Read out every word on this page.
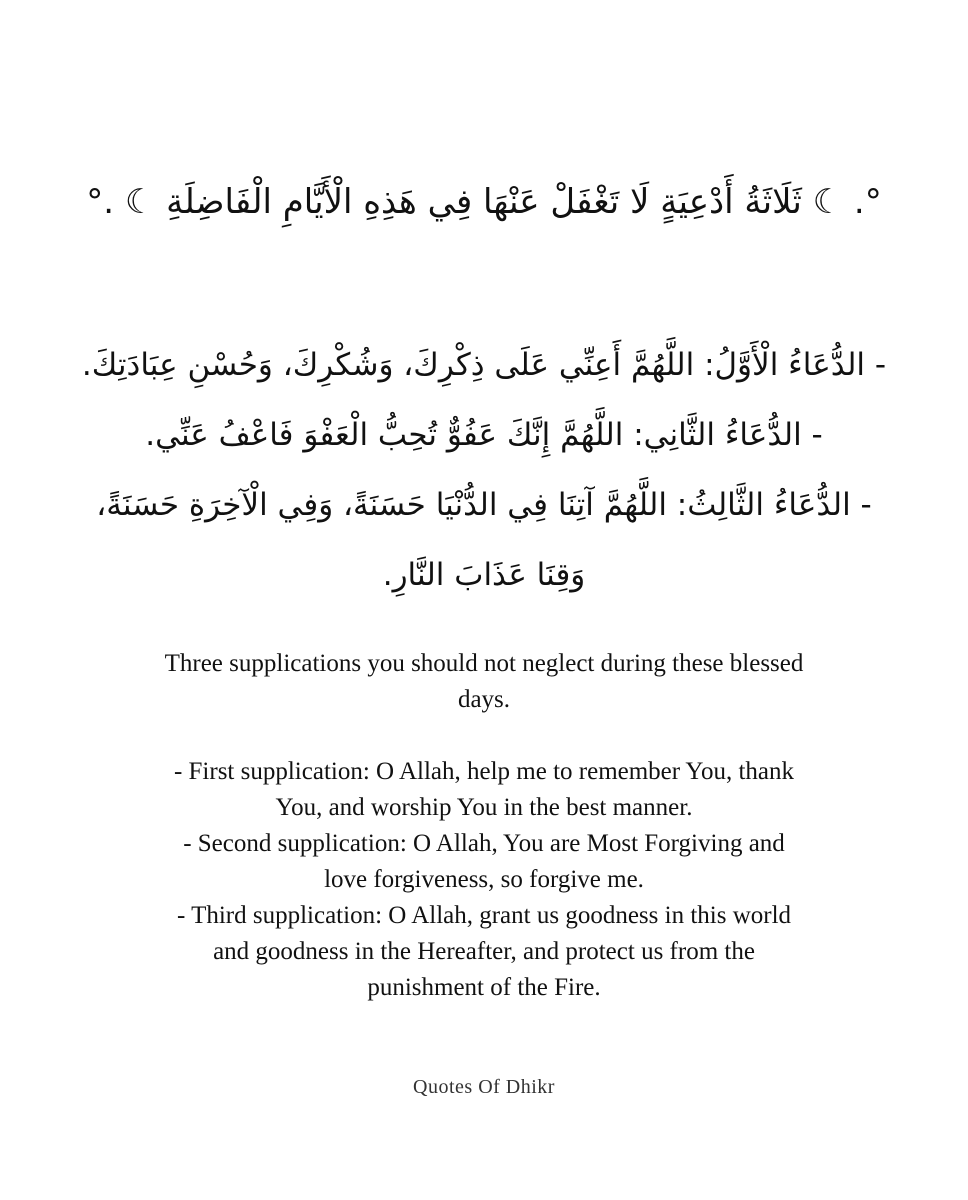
°. ☾ ثَلَاثَةُ أَدْعِيَةٍ لَا تَغْفَلْ عَنْهَا فِي هَذِهِ الْأَيَّامِ الْفَاضِلَةِ ☾ .°
- الدُّعَاءُ الْأَوَّلُ: اللَّهُمَّ أَعِنِّي عَلَى ذِكْرِكَ، وَشُكْرِكَ، وَحُسْنِ عِبَادَتِكَ.
- الدُّعَاءُ الثَّانِي: اللَّهُمَّ إِنَّكَ عَفُوٌّ تُحِبُّ الْعَفْوَ فَاعْفُ عَنِّي.
- الدُّعَاءُ الثَّالِثُ: اللَّهُمَّ آتِنَا فِي الدُّنْيَا حَسَنَةً، وَفِي الْآخِرَةِ حَسَنَةً،
وَقِنَا عَذَابَ النَّارِ.
Three supplications you should not neglect during these blessed
days.
- First supplication: O Allah, help me to remember You, thank
You, and worship You in the best manner.
- Second supplication: O Allah, You are Most Forgiving and
love forgiveness, so forgive me.
- Third supplication: O Allah, grant us goodness in this world
and goodness in the Hereafter, and protect us from the
punishment of the Fire.
Quotes Of Dhikr
